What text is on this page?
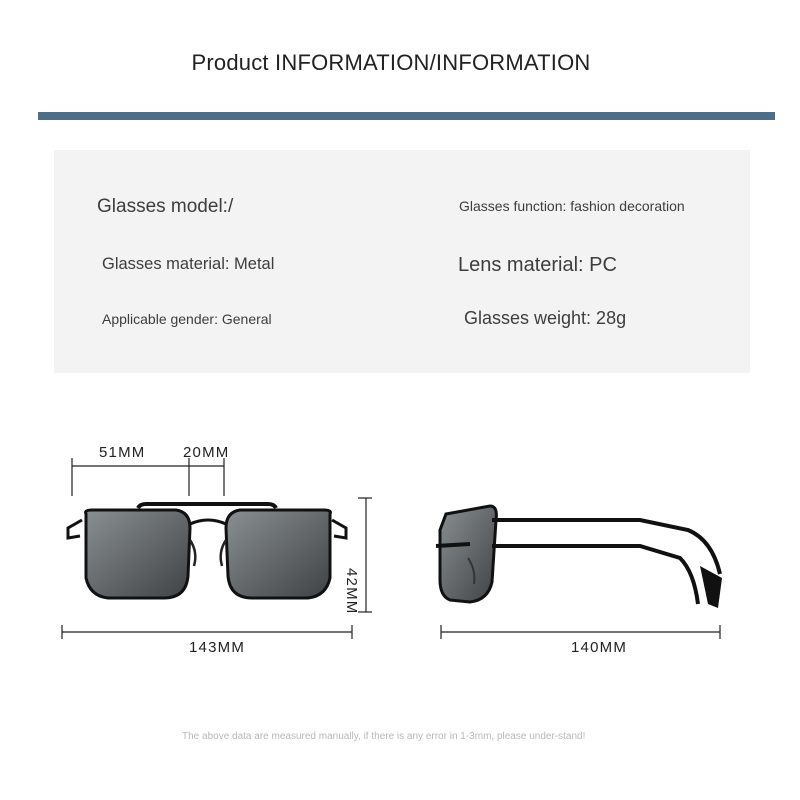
Product INFORMATION/INFORMATION
Glasses model:/	Glasses function: fashion decoration
Glasses material: Metal	Lens material: PC
Applicable gender: General	Glasses weight: 28g
51MM	20MM
42MM
143MM	140MM
The above data are measured manually, if there is any error in 1-3mm, please under-stand!
